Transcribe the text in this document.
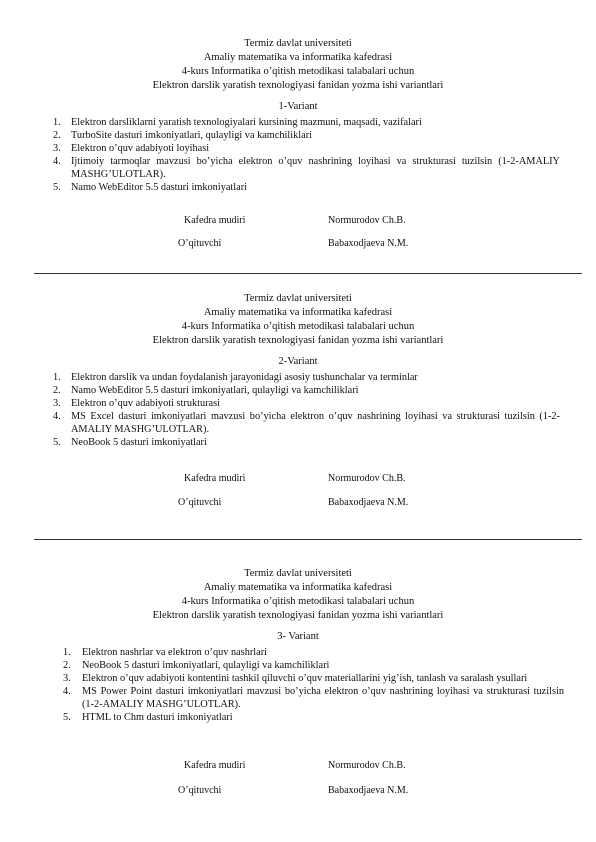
Termiz davlat universiteti
Amaliy matematika va informatika kafedrasi
4-kurs Informatika o’qitish metodikasi talabalari uchun
Elektron darslik yaratish texnologiyasi fanidan yozma ishi variantlari
1-Variant
1. Elektron darsliklarni yaratish texnologiyalari kursining mazmuni, maqsadi, vazifalari
2. TurboSite dasturi imkoniyatlari, qulayligi va kamchiliklari
3. Elektron o’quv adabiyoti loyihasi
4. Ijtimoiy tarmoqlar mavzusi bo’yicha elektron o’quv nashrining loyihasi va strukturasi tuzilsin (1-2-AMALIY MASHG’ULOTLAR).
5. Namo WebEditor 5.5 dasturi imkoniyatlari
Kafedra mudiri	Normurodov Ch.B.
O’qituvchi	Babaxodjaeva N.M.
Termiz davlat universiteti
Amaliy matematika va informatika kafedrasi
4-kurs Informatika o’qitish metodikasi talabalari uchun
Elektron darslik yaratish texnologiyasi fanidan yozma ishi variantlari
2-Variant
1. Elektron darslik va undan foydalanish jarayonidagi asosiy tushunchalar va terminlar
2. Namo WebEditor 5.5 dasturi imkoniyatlari, qulayligi va kamchiliklari
3. Elektron o’quv adabiyoti strukturasi
4. MS Excel dasturi imkoniyatlari mavzusi bo’yicha elektron o’quv nashrining loyihasi va strukturasi tuzilsin (1-2-AMALIY MASHG’ULOTLAR).
5. NeoBook 5 dasturi imkoniyatlari
Kafedra mudiri	Normurodov Ch.B.
O’qituvchi	Babaxodjaeva N.M.
Termiz davlat universiteti
Amaliy matematika va informatika kafedrasi
4-kurs Informatika o’qitish metodikasi talabalari uchun
Elektron darslik yaratish texnologiyasi fanidan yozma ishi variantlari
3- Variant
1. Elektron nashrlar va elektron o’quv nashrlari
2. NeoBook 5 dasturi imkoniyatlari, qulayligi va kamchiliklari
3. Elektron o’quv adabiyoti kontentini tashkil qiluvchi o’quv materiallarini yig’ish, tanlash va saralash ysullari
4. MS Power Point dasturi imkoniyatlari mavzusi bo’yicha elektron o’quv nashrining loyihasi va strukturasi tuzilsin (1-2-AMALIY MASHG’ULOTLAR).
5. HTML to Chm dasturi imkoniyatlari
Kafedra mudiri	Normurodov Ch.B.
O’qituvchi	Babaxodjaeva N.M.
